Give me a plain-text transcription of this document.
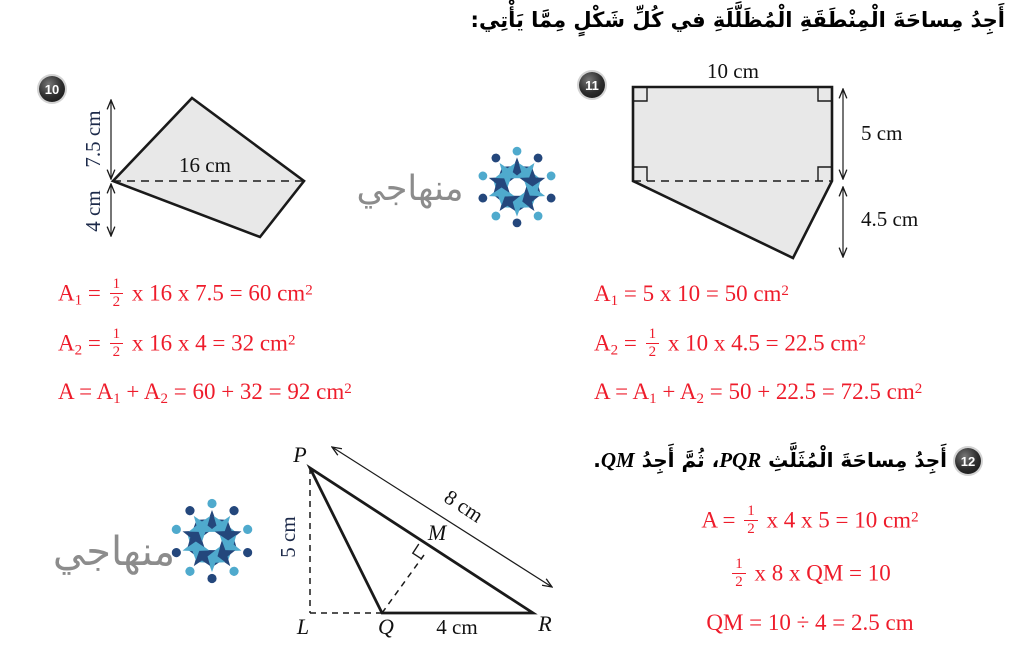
أَجِدُ مِساحَةَ الْمِنْطَقَةِ الْمُظَلَّلَةِ في كُلِّ شَكْلٍ مِمَّا يَأْتِي:
10
16 cm
7.5 cm
4 cm
$A_1 = \frac{1}{2}$ x 16 x 7.5 = 60 $cm^2$
$A_2 = \frac{1}{2}$ x 16 x 4 = 32 $cm^2$
$A = A_1 + A_2 = 60 + 32 = 92$ $cm^2$
11
10 cm
5 cm
4.5 cm
$A_1 = 5$ x 10 = 50 $cm^2$
$A_2 = \frac{1}{2}$ x 10 x 4.5 = 22.5 $cm^2$
$A = A_1 + A_2 = 50 + 22.5 = 72.5$ $cm^2$
12
أَجِدُ مِساحَةَ الْمُثَلَّثِ PQR، ثُمَّ أَجِدُ QM.
8 cm
5 cm
4 cm
P
L	Q	R
M
$A = \frac{1}{2}$ x 4 x 5 = 10 $cm^2$
$\frac{1}{2}$ x 8 x QM = 10
QM = 10 ÷ 4 = 2.5 cm
منهاجي
منهاجي
